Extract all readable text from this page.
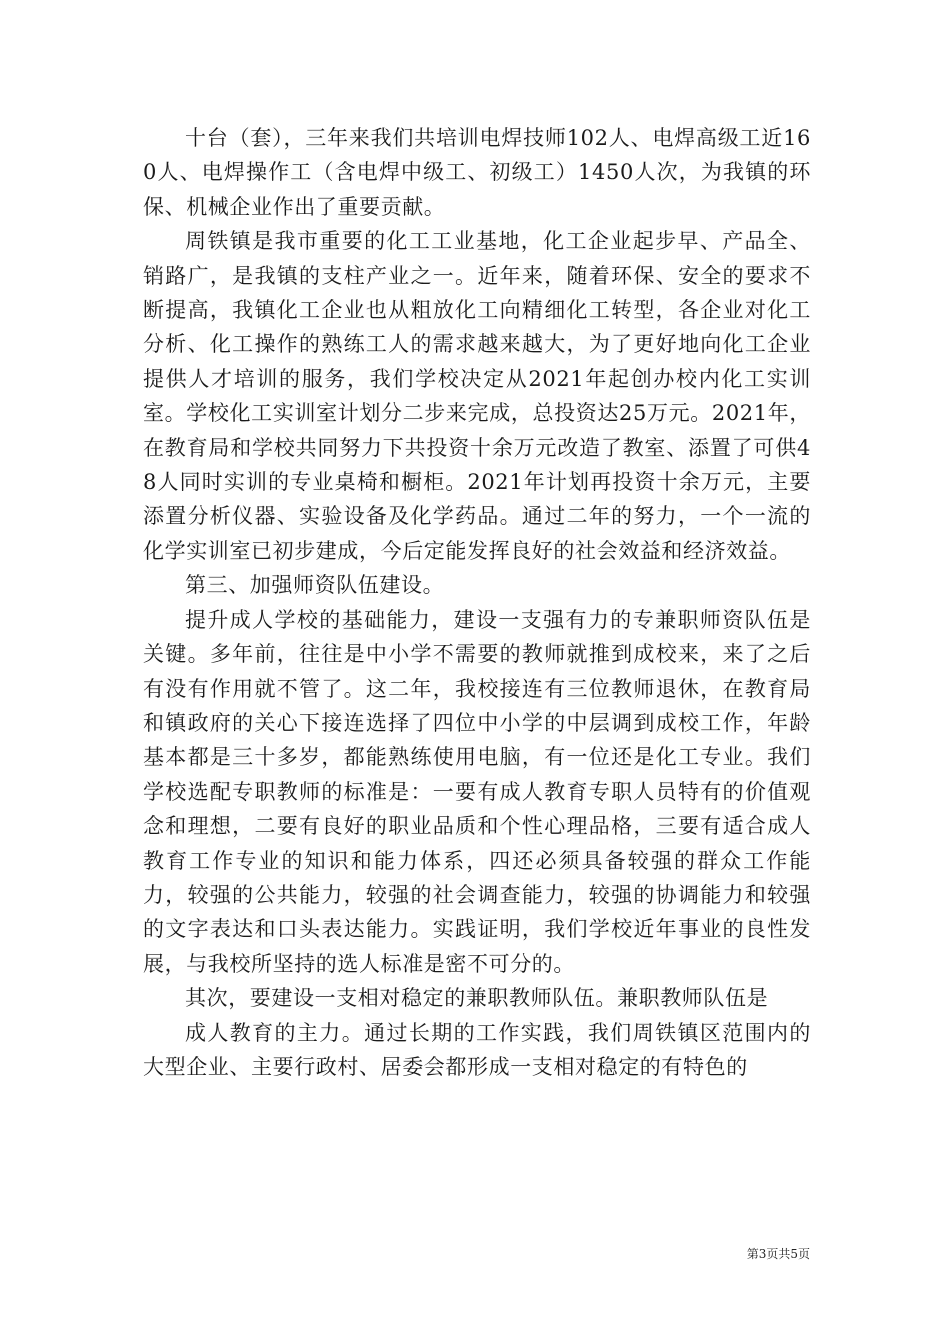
十台（套），三年来我们共培训电焊技师102人、电焊高级工近160人、电焊操作工（含电焊中级工、初级工）1450人次，为我镇的环保、机械企业作出了重要贡献。

周铁镇是我市重要的化工工业基地，化工企业起步早、产品全、销路广，是我镇的支柱产业之一。近年来，随着环保、安全的要求不断提高，我镇化工企业也从粗放化工向精细化工转型，各企业对化工分析、化工操作的熟练工人的需求越来越大，为了更好地向化工企业提供人才培训的服务，我们学校决定从2021年起创办校内化工实训室。学校化工实训室计划分二步来完成，总投资达25万元。2021年，在教育局和学校共同努力下共投资十余万元改造了教室、添置了可供48人同时实训的专业桌椅和橱柜。2021年计划再投资十余万元，主要添置分析仪器、实验设备及化学药品。通过二年的努力，一个一流的化学实训室已初步建成，今后定能发挥良好的社会效益和经济效益。

第三、加强师资队伍建设。

提升成人学校的基础能力，建设一支强有力的专兼职师资队伍是关键。多年前，往往是中小学不需要的教师就推到成校来，来了之后有没有作用就不管了。这二年，我校接连有三位教师退休，在教育局和镇政府的关心下接连选择了四位中小学的中层调到成校工作，年龄基本都是三十多岁，都能熟练使用电脑，有一位还是化工专业。我们学校选配专职教师的标准是：一要有成人教育专职人员特有的价值观念和理想，二要有良好的职业品质和个性心理品格，三要有适合成人教育工作专业的知识和能力体系，四还必须具备较强的群众工作能力，较强的公共能力，较强的社会调查能力，较强的协调能力和较强的文字表达和口头表达能力。实践证明，我们学校近年事业的良性发展，与我校所坚持的选人标准是密不可分的。

其次，要建设一支相对稳定的兼职教师队伍。兼职教师队伍是

成人教育的主力。通过长期的工作实践，我们周铁镇区范围内的大型企业、主要行政村、居委会都形成一支相对稳定的有特色的

第3页共5页
